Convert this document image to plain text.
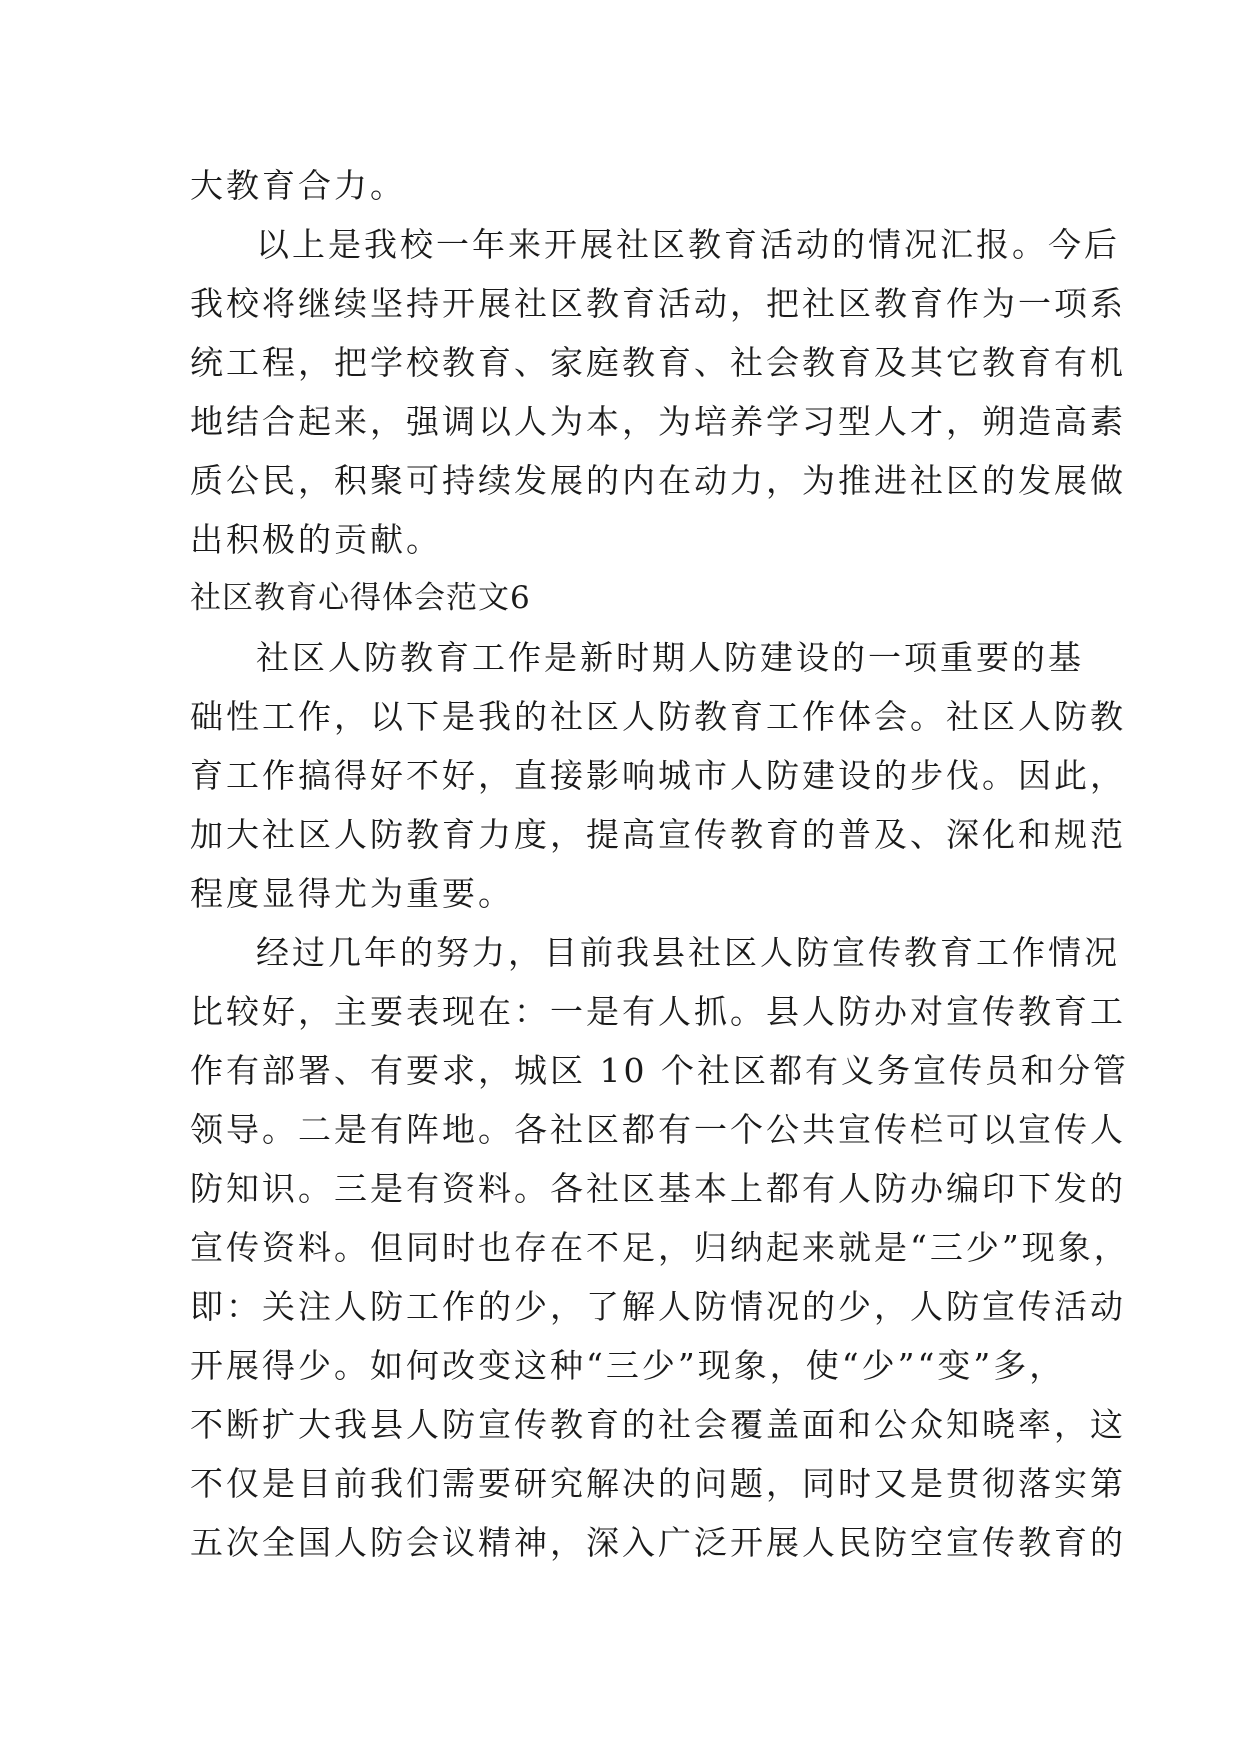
大教育合力。
以上是我校一年来开展社区教育活动的情况汇报。今后
我校将继续坚持开展社区教育活动，把社区教育作为一项系
统工程，把学校教育、家庭教育、社会教育及其它教育有机
地结合起来，强调以人为本，为培养学习型人才，朔造高素
质公民，积聚可持续发展的内在动力，为推进社区的发展做
出积极的贡献。
社区教育心得体会范文6
社区人防教育工作是新时期人防建设的一项重要的基
础性工作，以下是我的社区人防教育工作体会。社区人防教
育工作搞得好不好，直接影响城市人防建设的步伐。因此，
加大社区人防教育力度，提高宣传教育的普及、深化和规范
程度显得尤为重要。
经过几年的努力，目前我县社区人防宣传教育工作情况
比较好，主要表现在：一是有人抓。县人防办对宣传教育工
作有部署、有要求，城区 10 个社区都有义务宣传员和分管
领导。二是有阵地。各社区都有一个公共宣传栏可以宣传人
防知识。三是有资料。各社区基本上都有人防办编印下发的
宣传资料。但同时也存在不足，归纳起来就是“三少”现象，
即：关注人防工作的少，了解人防情况的少，人防宣传活动
开展得少。如何改变这种“三少”现象，使“少”“变”多，
不断扩大我县人防宣传教育的社会覆盖面和公众知晓率，这
不仅是目前我们需要研究解决的问题，同时又是贯彻落实第
五次全国人防会议精神，深入广泛开展人民防空宣传教育的
